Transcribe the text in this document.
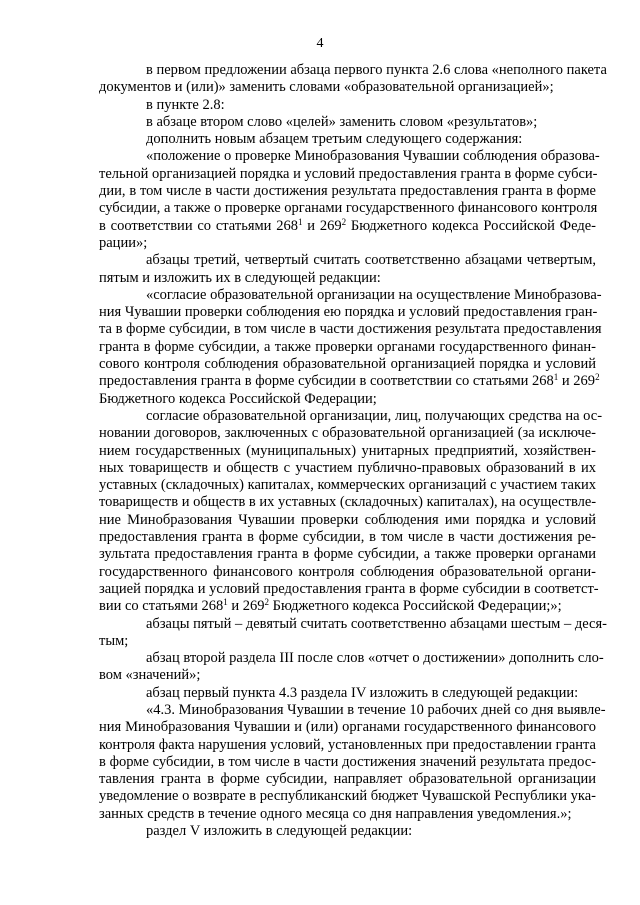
4
в первом предложении абзаца первого пункта 2.6 слова «неполного пакета
документов и (или)» заменить словами «образовательной организацией»;
в пункте 2.8:
в абзаце втором слово «целей» заменить словом «результатов»;
дополнить новым абзацем третьим следующего содержания:
«положение о проверке Минобразования Чувашии соблюдения образова-
тельной организацией порядка и условий предоставления гранта в форме субси-
дии, в том числе в части достижения результата предоставления гранта в форме
субсидии, а также о проверке органами государственного финансового контроля
в соответствии со статьями $268^1$ и $269^2$ Бюджетного кодекса Российской Феде-
рации»;
абзацы третий, четвертый считать соответственно абзацами четвертым,
пятым и изложить их в следующей редакции:
«согласие образовательной организации на осуществление Минобразова-
ния Чувашии проверки соблюдения ею порядка и условий предоставления гран-
та в форме субсидии, в том числе в части достижения результата предоставления
гранта в форме субсидии, а также проверки органами государственного финан-
сового контроля соблюдения образовательной организацией порядка и условий
предоставления гранта в форме субсидии в соответствии со статьями $268^1$ и $269^2$
Бюджетного кодекса Российской Федерации;
согласие образовательной организации, лиц, получающих средства на ос-
новании договоров, заключенных с образовательной организацией (за исключе-
нием государственных (муниципальных) унитарных предприятий, хозяйствен-
ных товариществ и обществ с участием публично-правовых образований в их
уставных (складочных) капиталах, коммерческих организаций с участием таких
товариществ и обществ в их уставных (складочных) капиталах), на осуществле-
ние Минобразования Чувашии проверки соблюдения ими порядка и условий
предоставления гранта в форме субсидии, в том числе в части достижения ре-
зультата предоставления гранта в форме субсидии, а также проверки органами
государственного финансового контроля соблюдения образовательной органи-
зацией порядка и условий предоставления гранта в форме субсидии в соответст-
вии со статьями $268^1$ и $269^2$ Бюджетного кодекса Российской Федерации;»;
абзацы пятый – девятый считать соответственно абзацами шестым – деся-
тым;
абзац второй раздела III после слов «отчет о достижении» дополнить сло-
вом «значений»;
абзац первый пункта 4.3 раздела IV изложить в следующей редакции:
«4.3. Минобразования Чувашии в течение 10 рабочих дней со дня выявле-
ния Минобразования Чувашии и (или) органами государственного финансового
контроля факта нарушения условий, установленных при предоставлении гранта
в форме субсидии, в том числе в части достижения значений результата предос-
тавления гранта в форме субсидии, направляет образовательной организации
уведомление о возврате в республиканский бюджет Чувашской Республики ука-
занных средств в течение одного месяца со дня направления уведомления.»;
раздел V изложить в следующей редакции:
